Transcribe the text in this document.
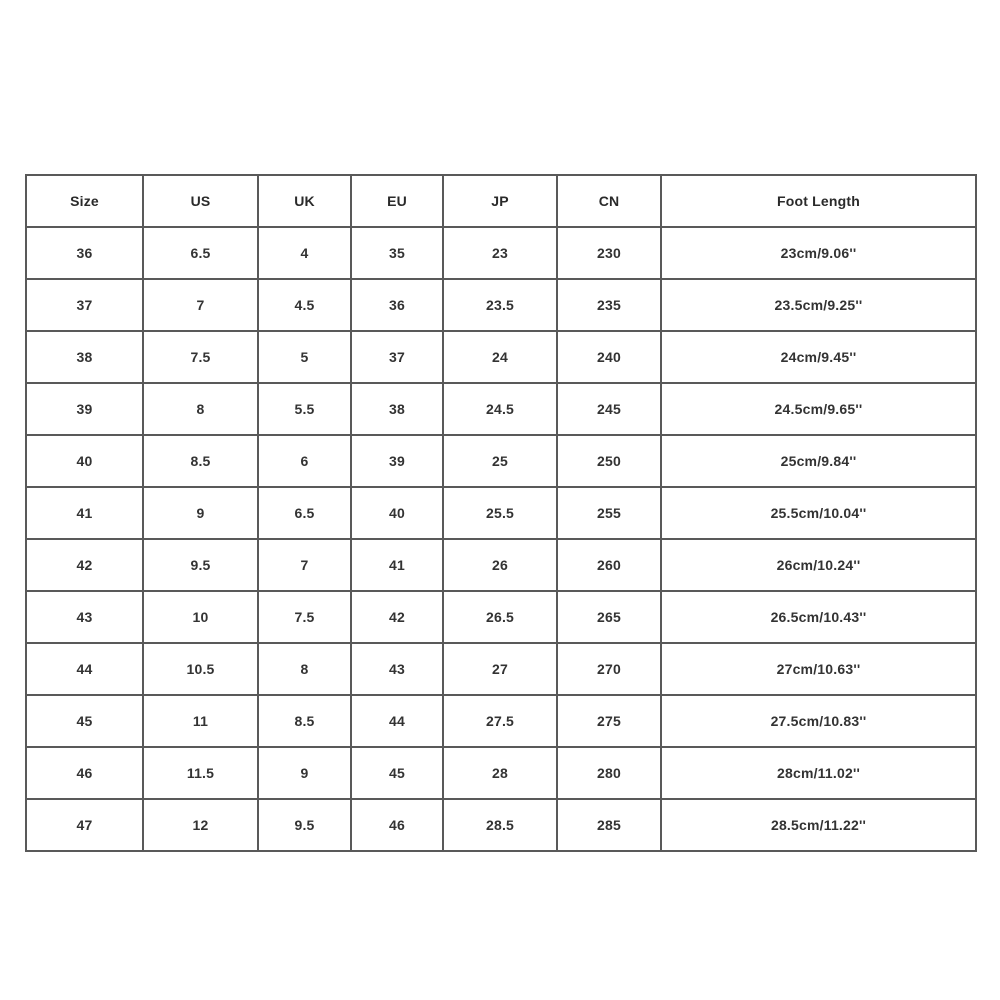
Size	US	UK	EU	JP	CN	Foot Length
36	6.5	4	35	23	230	23cm/9.06''
37	7	4.5	36	23.5	235	23.5cm/9.25''
38	7.5	5	37	24	240	24cm/9.45''
39	8	5.5	38	24.5	245	24.5cm/9.65''
40	8.5	6	39	25	250	25cm/9.84''
41	9	6.5	40	25.5	255	25.5cm/10.04''
42	9.5	7	41	26	260	26cm/10.24''
43	10	7.5	42	26.5	265	26.5cm/10.43''
44	10.5	8	43	27	270	27cm/10.63''
45	11	8.5	44	27.5	275	27.5cm/10.83''
46	11.5	9	45	28	280	28cm/11.02''
47	12	9.5	46	28.5	285	28.5cm/11.22''
